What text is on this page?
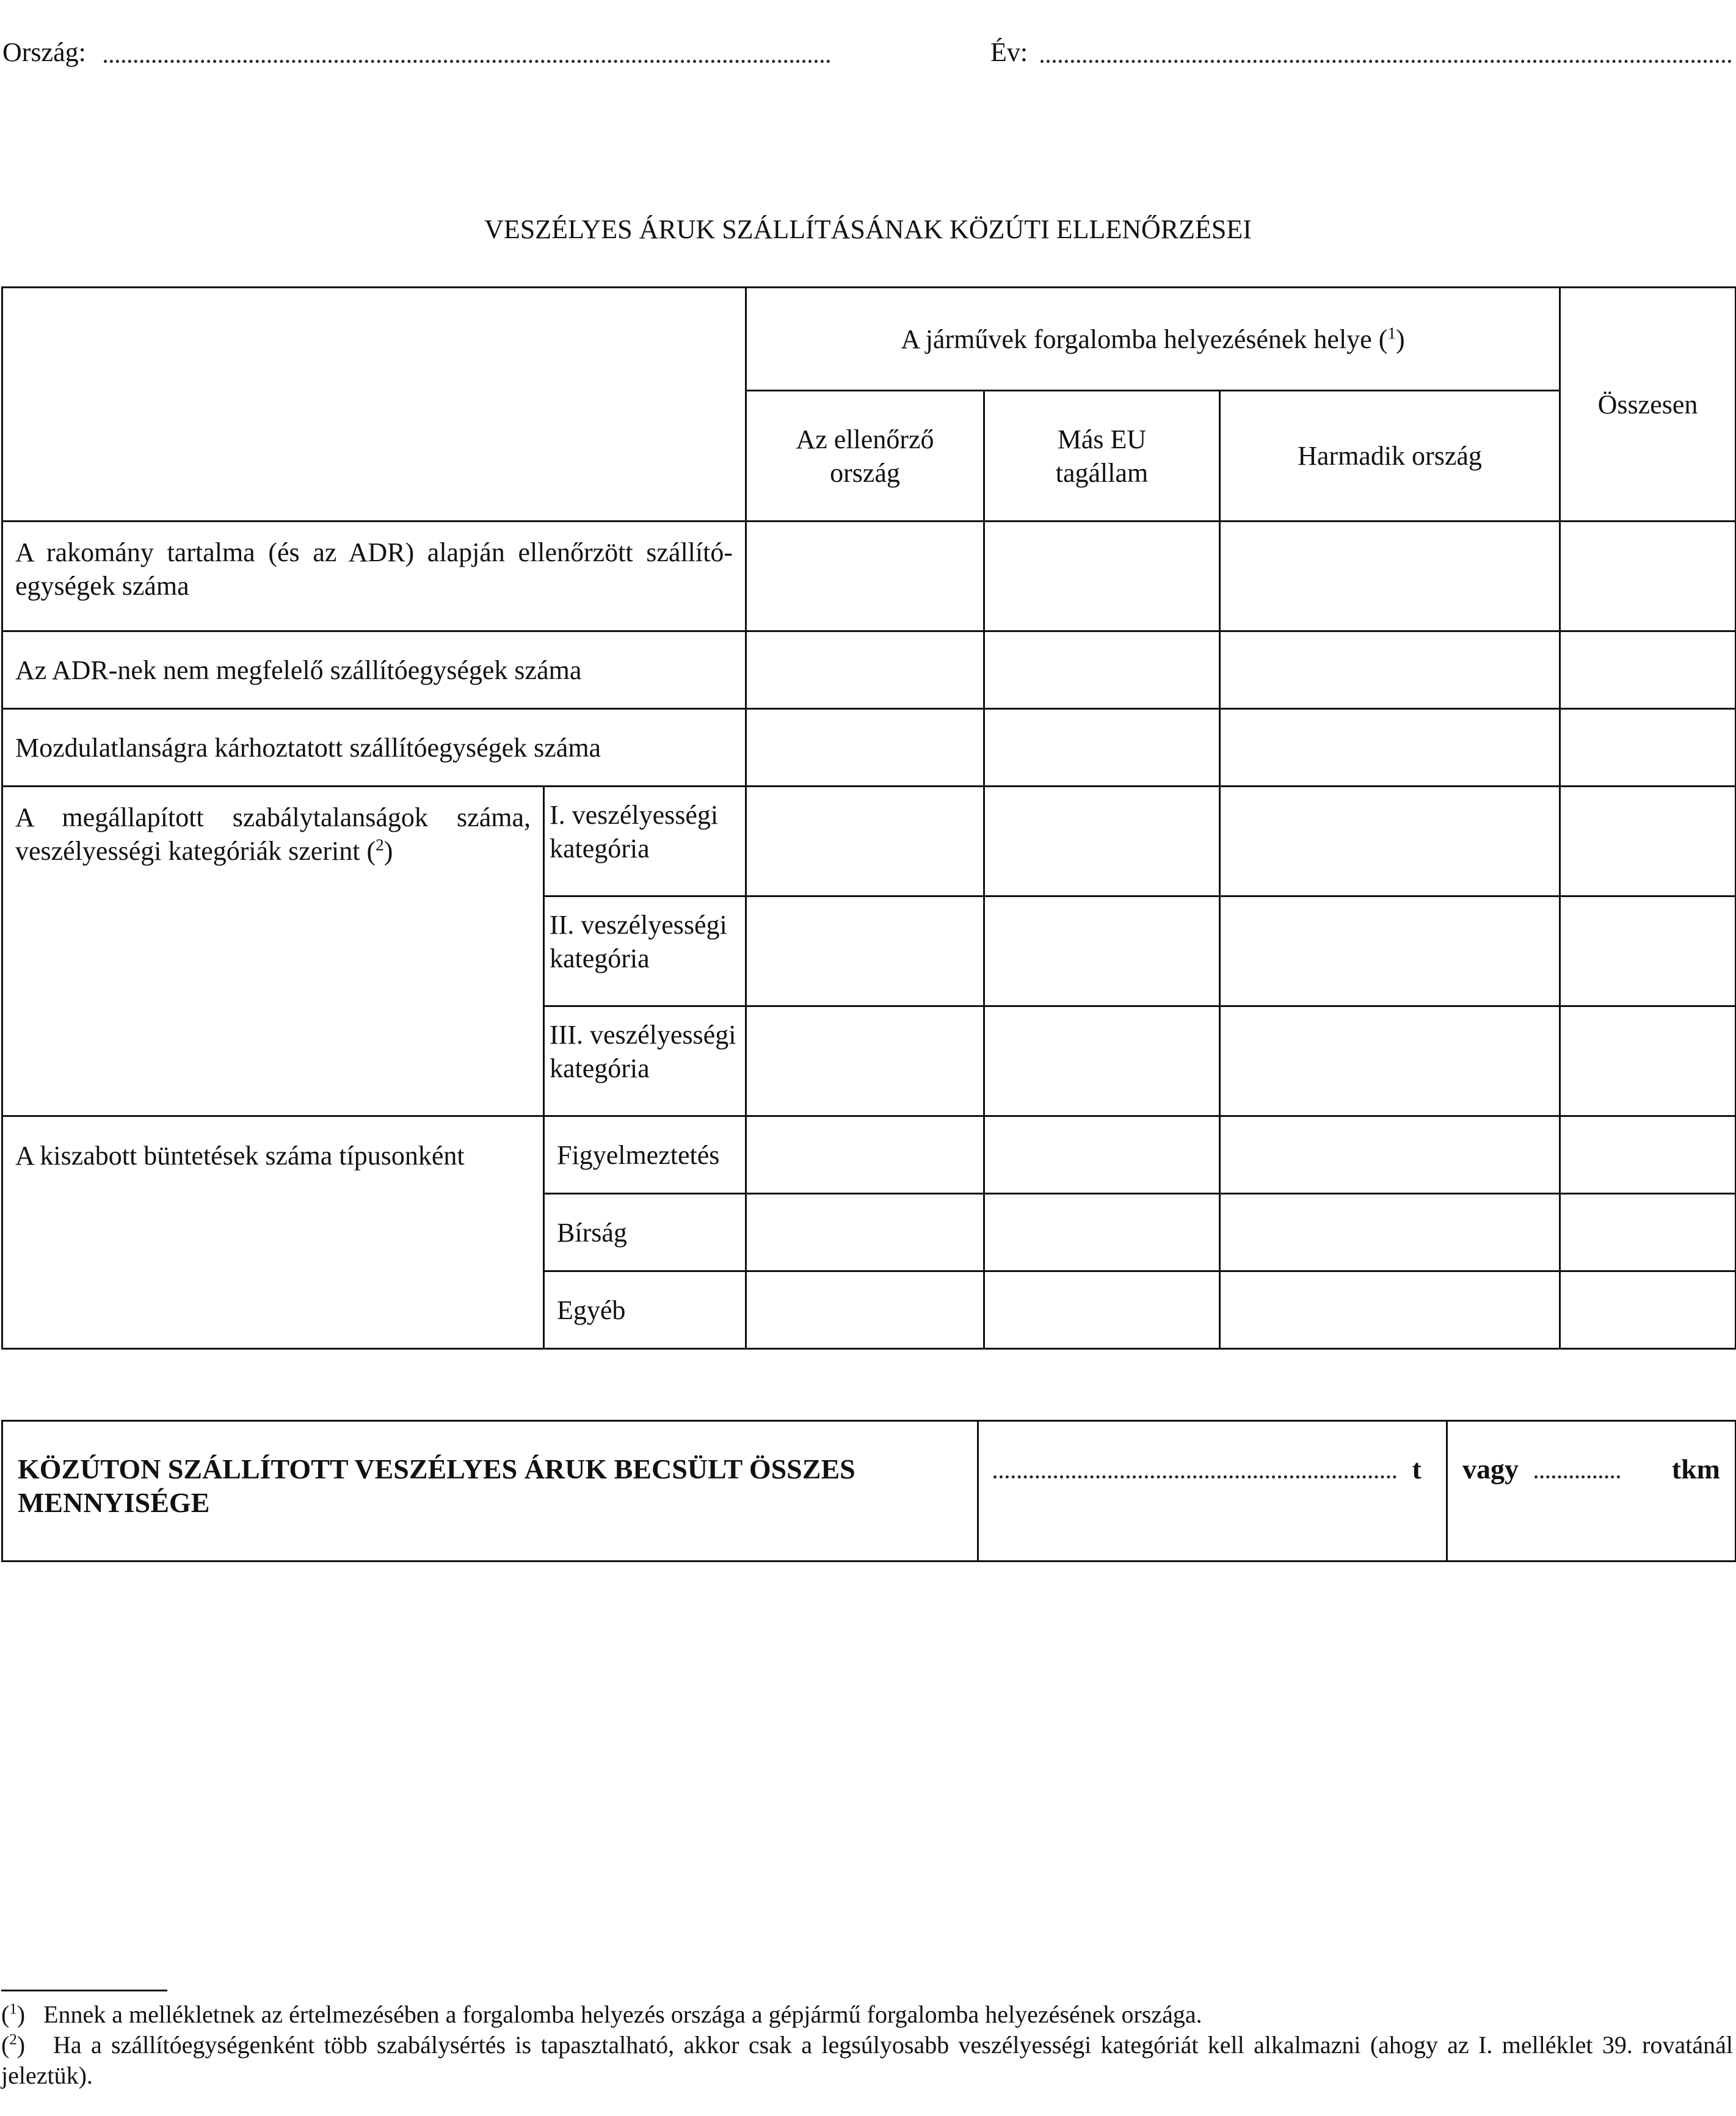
Ország:	Év:
VESZÉLYES ÁRUK SZÁLLÍTÁSÁNAK KÖZÚTI ELLENŐRZÉSEI
		A járművek forgalomba helyezésének helye ($^1$)			Összesen

		Az ellenőrző ország	Más EU tagállam	Harmadik ország	
A rakomány tartalma (és az ADR) alapján ellenőrzött szállítóegységek száma					
Az ADR-nek nem megfelelő szállítóegységek száma					
Mozdulatlanságra kárhoztatott szállítóegységek száma					
A megállapított szabálytalanságok száma, veszélyességi kategóriák szerint ($^2$)	I. veszélyességi kategória				
	II. veszélyességi kategória				
	III. veszélyességi kategória				
A kiszabott büntetések száma típusonként	Figyelmeztetés				
	Bírság				
	Egyéb				
KÖZÚTON SZÁLLÍTOTT VESZÉLYES ÁRUK BECSÜLT ÖSSZES MENNYISÉGE	t	vagy	tkm
($^1$)   Ennek a mellékletnek az értelmezésében a forgalomba helyezés országa a gépjármű forgalomba helyezésének országa.
($^2$)   Ha a szállítóegységenként több szabálysértés is tapasztalható, akkor csak a legsúlyosabb veszélyességi kategóriát kell alkalmazni (ahogy az I. melléklet 39. rovatánál jeleztük).
